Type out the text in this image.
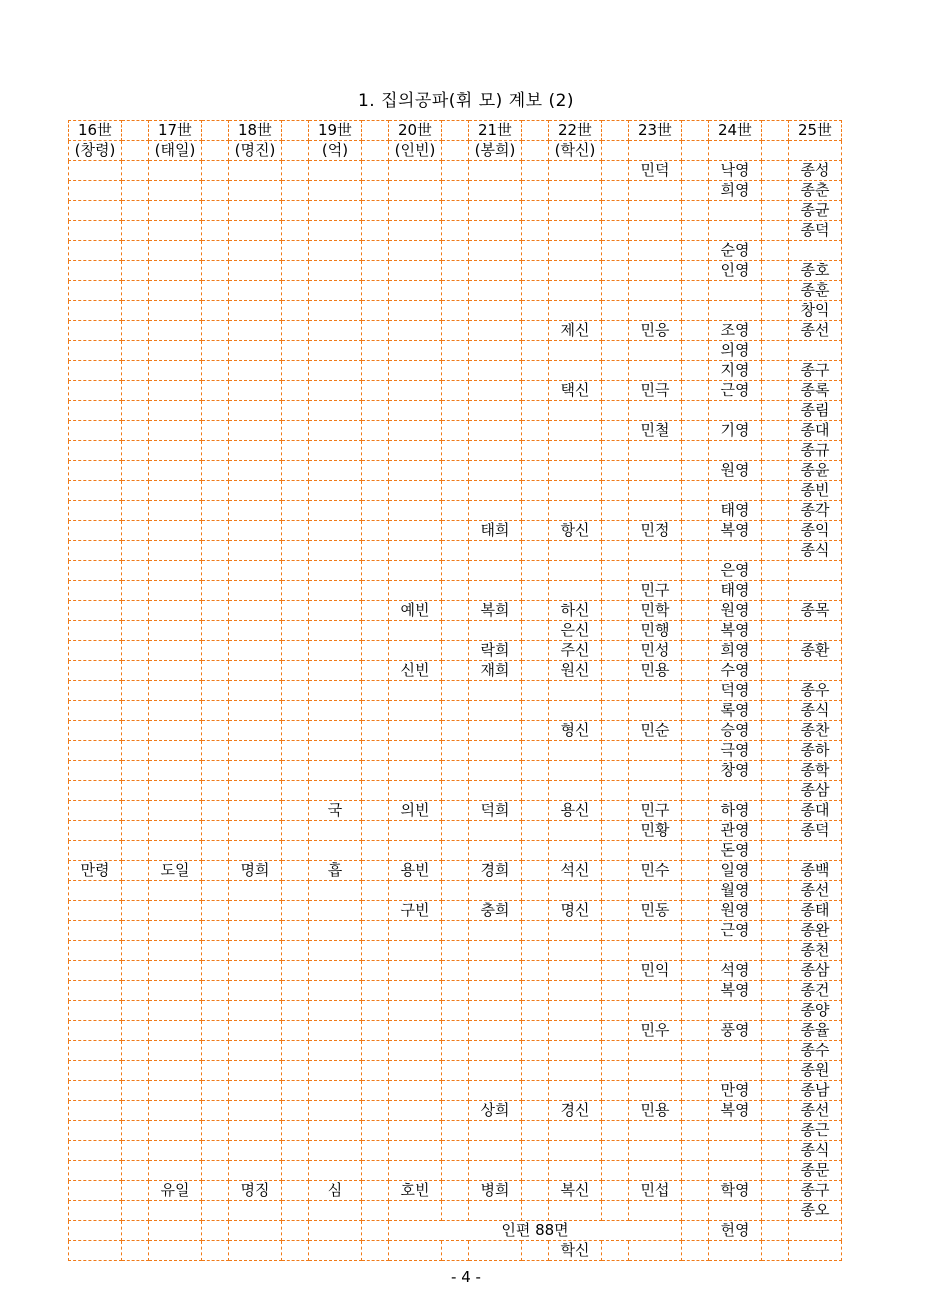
1. 집의공파(휘 모) 계보 (2)
16世		17世		18世		19世		20世		21世		22世		23世		24世		25世
(창령)		(태일)		(명진)		(억)		(인빈)		(봉희)		(학신)						
														민덕		낙영		종성
																희영		종춘
																		종균
																		종덕
																순영		
																인영		종호
																		종훈
																		창익
												제신		민응		조영		종선
																의영		
																지영		종구
												택신		민극		근영		종록
																		종림
														민철		기영		종대
																		종규
																원영		종윤
																		종빈
																태영		종각
										태희		항신		민정		복영		종익
																		종식
																은영		
														민구		태영		
								예빈		복희		하신		민학		원영		종목
												은신		민행		복영		
										락희		주신		민성		희영		종환
								신빈		재희		원신		민용		수영		
																덕영		종우
																록영		종식
												형신		민순		승영		종찬
																극영		종하
																창영		종학
																		종삼
						국		의빈		덕희		용신		민구		하영		종대
														민황		관영		종덕
																돈영		
만령		도일		명희		흡		용빈		경희		석신		민수		일영		종백
																월영		종선
								구빈		충희		명신		민동		원영		종태
																근영		종완
																		종천
														민익		석영		종삼
																복영		종건
																		종양
														민우		풍영		종율
																		종수
																		종원
																만영		종남
										상희		경신		민용		복영		종선
																		종근
																		종식
																		종문
		유일		명징		심		호빈		병희		복신		민섭		학영		종구
																		종오
								인편 88면								헌영		
												학신						
- 4 -
